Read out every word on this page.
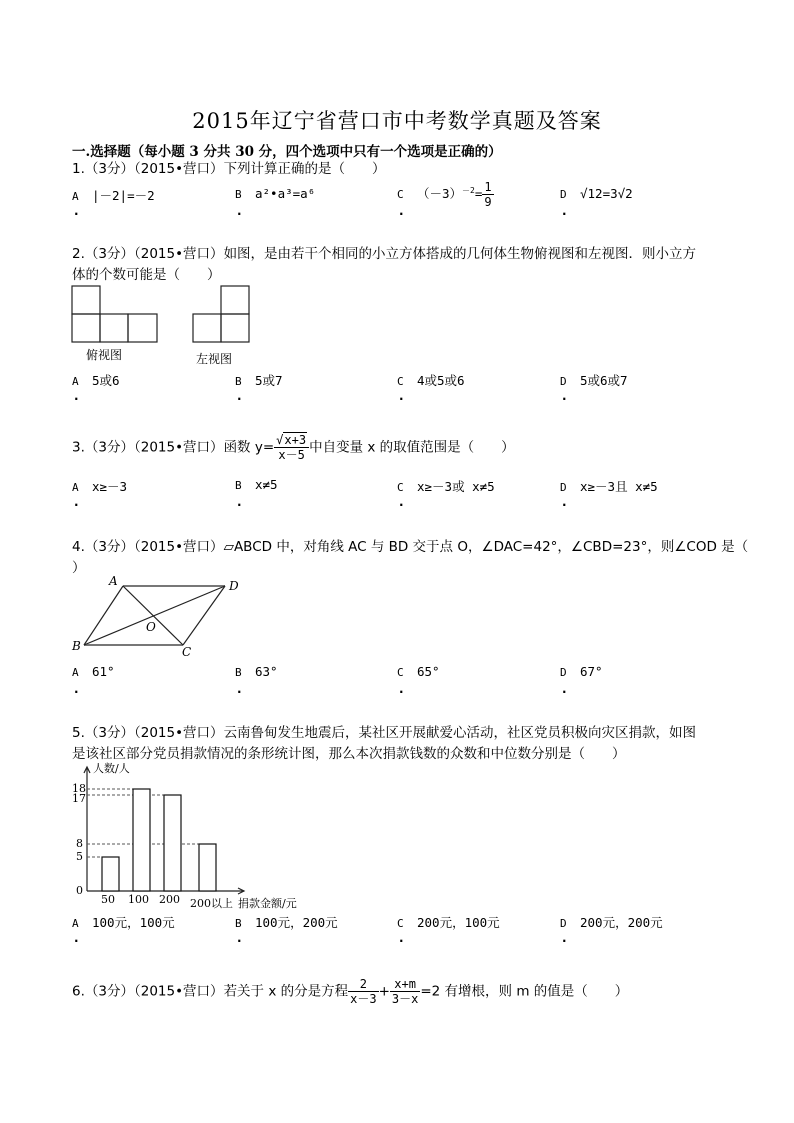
2015年辽宁省营口市中考数学真题及答案
一.选择题（每小题 3 分共 30 分，四个选项中只有一个选项是正确的）
1.（3分）（2015•营口）下列计算正确的是（　　）
A |－2|=－2	B a²•a³=a⁶	C $(-3)^{-2}= \frac{1}{9}$	D √12=3√2
.	.	.	.
2.（3分）（2015•营口）如图，是由若干个相同的小立方体搭成的几何体生物俯视图和左视图．则小立方
体的个数可能是（　　）
俯视图	左视图
A 5或6	B 5或7	C 4或5或6	D 5或6或7
.	.	.	.
3.（3分）（2015•营口）函数 $y= \frac{√x+3}{x-5}$ 中自变量 x 的取值范围是（　　）
A x≥－3	B x≠5	C x≥－3或 x≠5	D x≥－3且 x≠5
.	.	.	.
4.（3分）（2015•营口）▱ABCD 中，对角线 AC 与 BD 交于点 O，∠DAC=42°，∠CBD=23°，则∠COD 是（
）
A	D
B	C
O
A 61°	B 63°	C 65°	D 67°
.	.	.	.
5.（3分）（2015•营口）云南鲁甸发生地震后，某社区开展献爱心活动，社区党员积极向灾区捐款，如图
是该社区部分党员捐款情况的条形统计图，那么本次捐款钱数的众数和中位数分别是（　　）
人数/人
18
17
8
5
0
50 100 200 200以上 捐款金额/元
A 100元，100元	B 100元，200元	C 200元，100元	D 200元，200元
.	.	.	.
6.（3分）（2015•营口）若关于 x 的分是方程 $\frac{2}{x-3} + \frac{x+m}{3-x} =2$ 有增根，则 m 的值是（　　）
